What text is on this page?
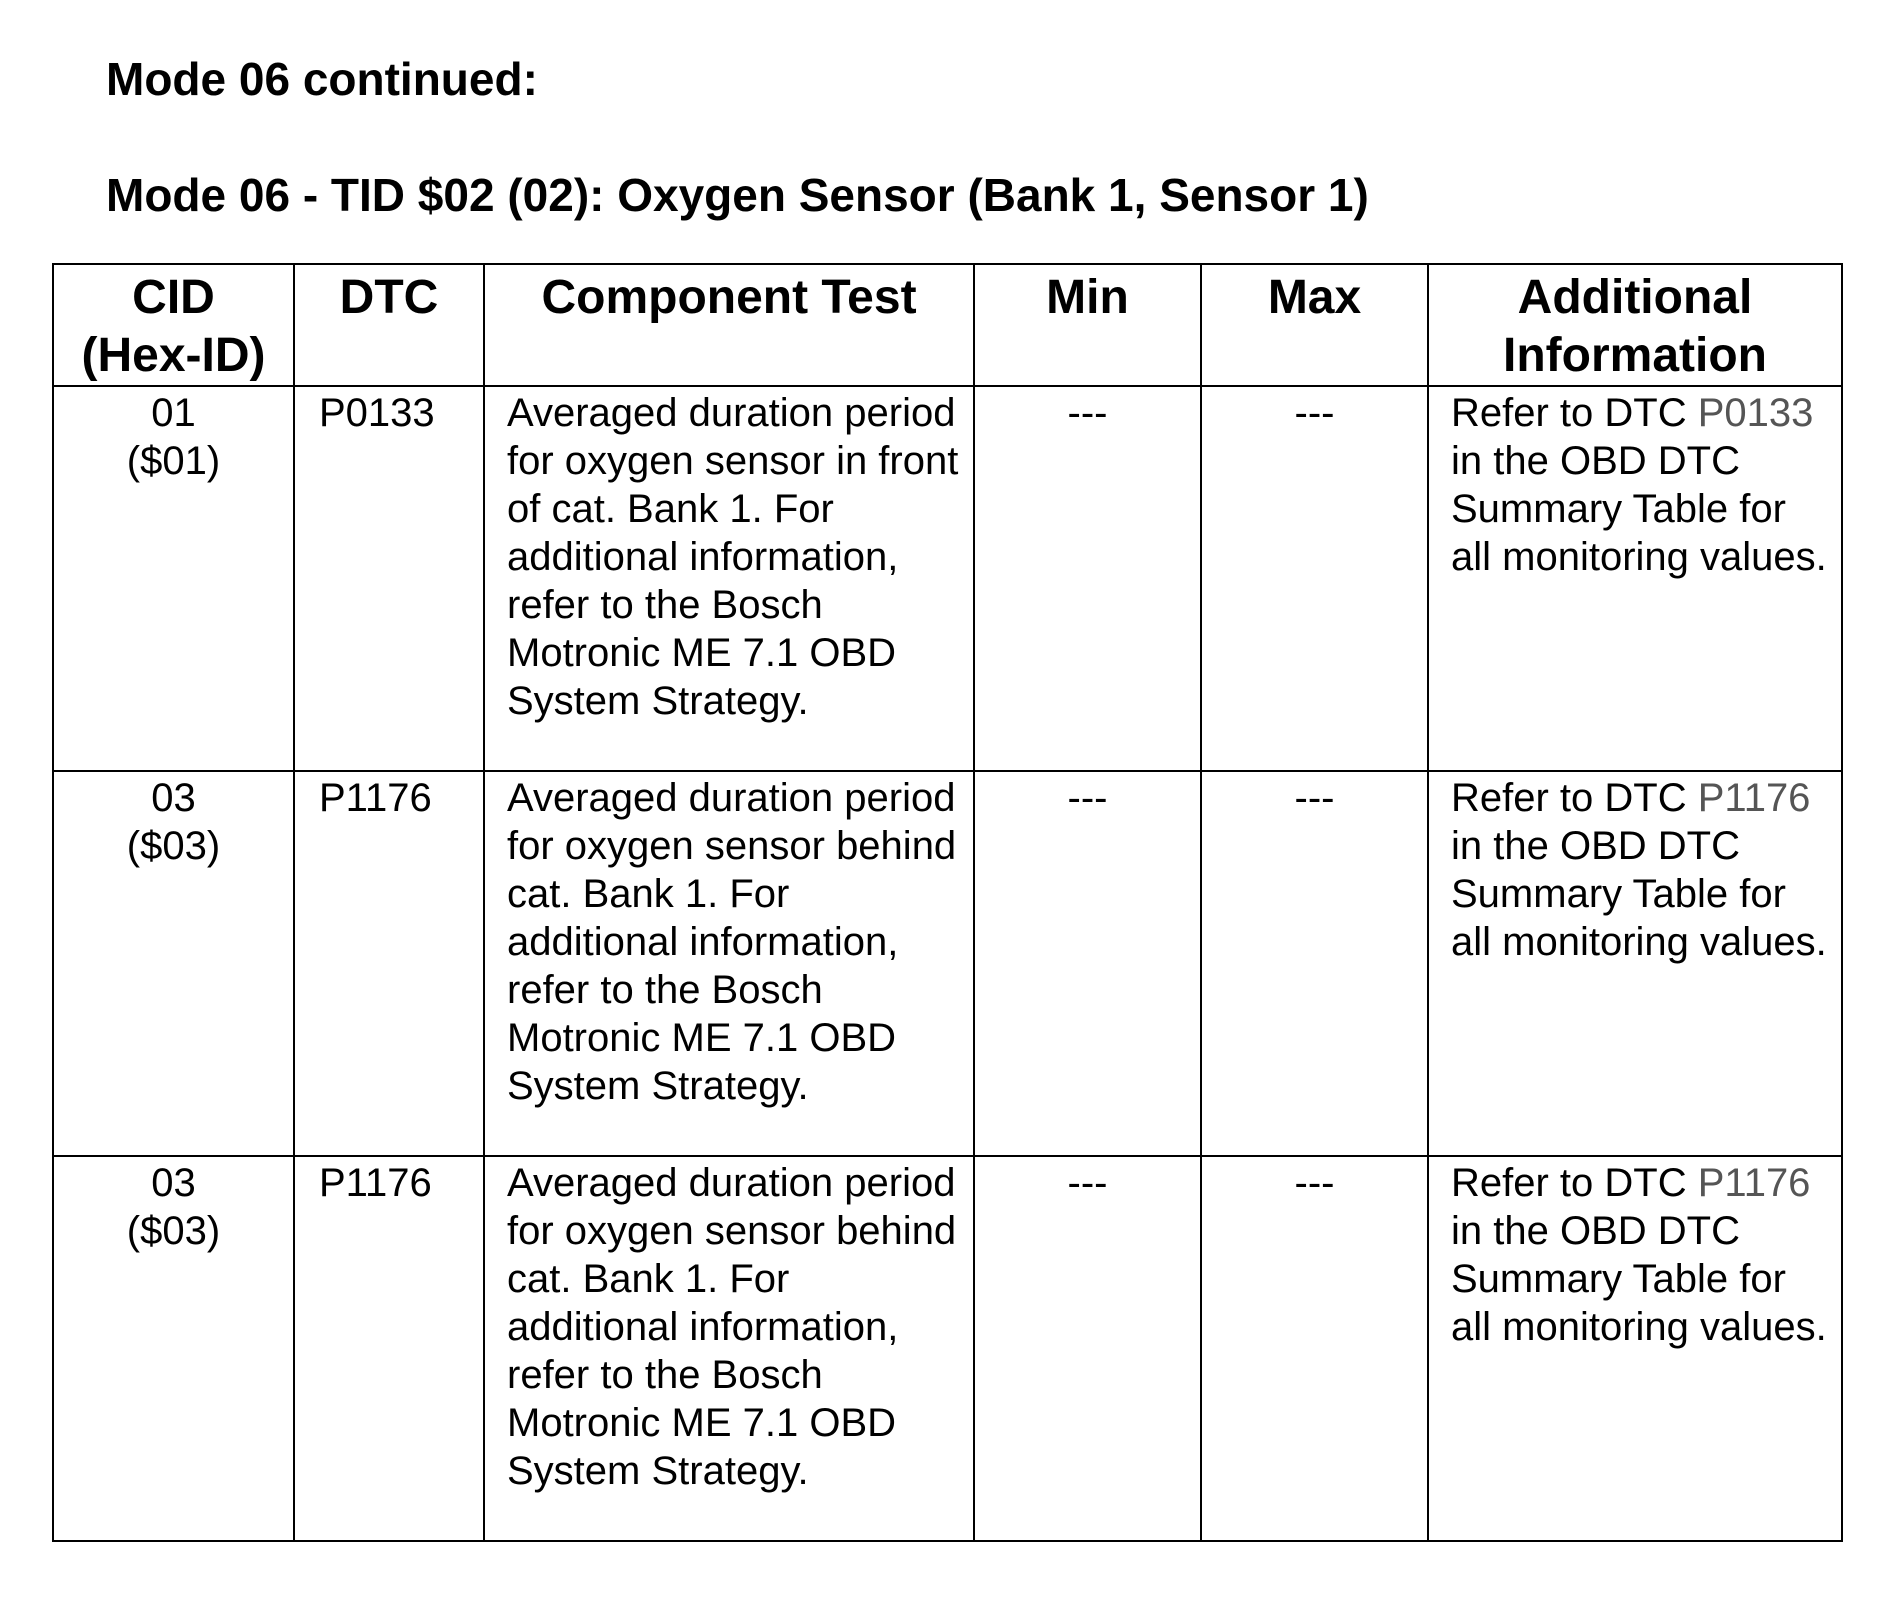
Mode 06 continued:
Mode 06 - TID $02 (02): Oxygen Sensor (Bank 1, Sensor 1)
CID
(Hex-ID)	DTC	Component Test	Min	Max	Additional
Information

01
($01)	P0133	Averaged duration period for oxygen sensor in front of cat. Bank 1. For additional information, refer to the Bosch Motronic ME 7.1 OBD System Strategy.	---	---	Refer to DTC P0133 in the OBD DTC Summary Table for all monitoring values.

03
($03)	P1176	Averaged duration period for oxygen sensor behind cat. Bank 1. For additional information, refer to the Bosch Motronic ME 7.1 OBD System Strategy.	---	---	Refer to DTC P1176 in the OBD DTC Summary Table for all monitoring values.

03
($03)	P1176	Averaged duration period for oxygen sensor behind cat. Bank 1. For additional information, refer to the Bosch Motronic ME 7.1 OBD System Strategy.	---	---	Refer to DTC P1176 in the OBD DTC Summary Table for all monitoring values.
